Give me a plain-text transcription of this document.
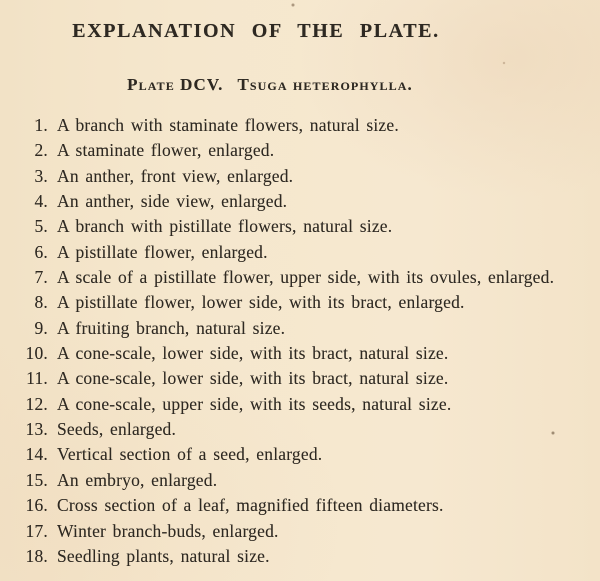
EXPLANATION OF THE PLATE.
Plate DCV. Tsuga heterophylla.
1. A branch with staminate flowers, natural size.
2. A staminate flower, enlarged.
3. An anther, front view, enlarged.
4. An anther, side view, enlarged.
5. A branch with pistillate flowers, natural size.
6. A pistillate flower, enlarged.
7. A scale of a pistillate flower, upper side, with its ovules, enlarged.
8. A pistillate flower, lower side, with its bract, enlarged.
9. A fruiting branch, natural size.
10. A cone-scale, lower side, with its bract, natural size.
11. A cone-scale, lower side, with its bract, natural size.
12. A cone-scale, upper side, with its seeds, natural size.
13. Seeds, enlarged.
14. Vertical section of a seed, enlarged.
15. An embryo, enlarged.
16. Cross section of a leaf, magnified fifteen diameters.
17. Winter branch-buds, enlarged.
18. Seedling plants, natural size.
